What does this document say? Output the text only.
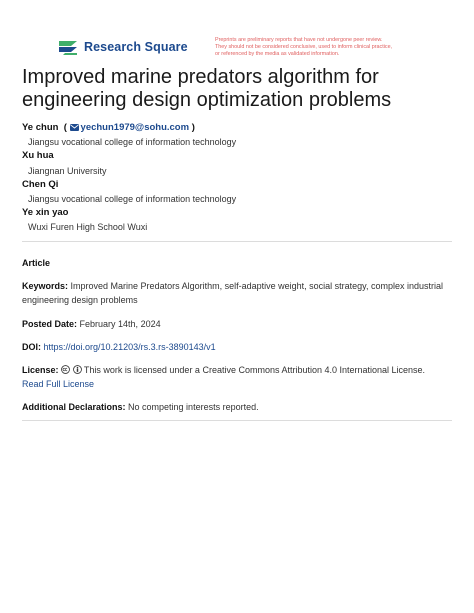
Research Square	Preprints are preliminary reports that have not undergone peer review.
They should not be considered conclusive, used to inform clinical practice,
or referenced by the media as validated information.
Improved marine predators algorithm for
engineering design optimization problems
Ye chun  ( yechun1979@sohu.com )
Jiangsu vocational college of information technology
Xu hua
Jiangnan University
Chen Qi
Jiangsu vocational college of information technology
Ye xin yao
Wuxi Furen High School Wuxi
Article
Keywords: Improved Marine Predators Algorithm, self-adaptive weight, social strategy, complex industrial
engineering design problems
Posted Date: February 14th, 2024
DOI: https://doi.org/10.21203/rs.3.rs-3890143/v1
License:	This work is licensed under a Creative Commons Attribution 4.0 International License.
Read Full License
Additional Declarations: No competing interests reported.
